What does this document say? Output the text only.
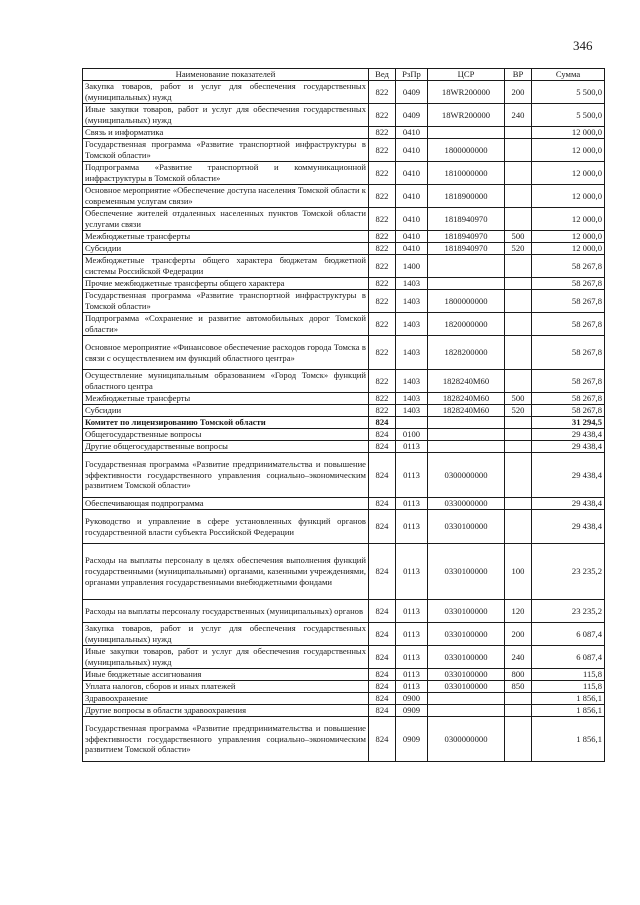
346
Наименование показателей	Вед	РзПр	ЦСР	ВР	Сумма
Закупка товаров, работ и услуг для обеспечения государственных (муниципальных) нужд	822	0409	18WR200000	200	5 500,0
Иные закупки товаров, работ и услуг для обеспечения государственных (муниципальных) нужд	822	0409	18WR200000	240	5 500,0
Связь и информатика	822	0410			12 000,0
Государственная программа «Развитие транспортной инфраструктуры в Томской области»	822	0410	1800000000		12 000,0
Подпрограмма «Развитие транспортной и коммуникационной инфраструктуры в Томской области»	822	0410	1810000000		12 000,0
Основное мероприятие «Обеспечение доступа населения Томской области к современным услугам связи»	822	0410	1818900000		12 000,0
Обеспечение жителей отдаленных населенных пунктов Томской области услугами связи	822	0410	1818940970		12 000,0
Межбюджетные трансферты	822	0410	1818940970	500	12 000,0
Субсидии	822	0410	1818940970	520	12 000,0
Межбюджетные трансферты общего характера бюджетам бюджетной системы Российской Федерации	822	1400			58 267,8
Прочие межбюджетные трансферты общего характера	822	1403			58 267,8
Государственная программа «Развитие транспортной инфраструктуры в Томской области»	822	1403	1800000000		58 267,8
Подпрограмма «Сохранение и развитие автомобильных дорог Томской области»	822	1403	1820000000		58 267,8
Основное мероприятие «Финансовое обеспечение расходов города Томска в связи с осуществлением им функций областного центра»	822	1403	1828200000		58 267,8
Осуществление муниципальным образованием «Город Томск» функций областного центра	822	1403	1828240M60		58 267,8
Межбюджетные трансферты	822	1403	1828240M60	500	58 267,8
Субсидии	822	1403	1828240M60	520	58 267,8
Комитет по лицензированию Томской области	824				31 294,5
Общегосударственные вопросы	824	0100			29 438,4
Другие общегосударственные вопросы	824	0113			29 438,4
Государственная программа «Развитие предпринимательства и повышение эффективности государственного управления социально–экономическим развитием Томской области»	824	0113	0300000000		29 438,4
Обеспечивающая подпрограмма	824	0113	0330000000		29 438,4
Руководство и управление в сфере установленных функций органов государственной власти субъекта Российской Федерации	824	0113	0330100000		29 438,4
Расходы на выплаты персоналу в целях обеспечения выполнения функций государственными (муниципальными) органами, казенными учреждениями, органами управления государственными внебюджетными фондами	824	0113	0330100000	100	23 235,2
Расходы на выплаты персоналу государственных (муниципальных) органов	824	0113	0330100000	120	23 235,2
Закупка товаров, работ и услуг для обеспечения государственных (муниципальных) нужд	824	0113	0330100000	200	6 087,4
Иные закупки товаров, работ и услуг для обеспечения государственных (муниципальных) нужд	824	0113	0330100000	240	6 087,4
Иные бюджетные ассигнования	824	0113	0330100000	800	115,8
Уплата налогов, сборов и иных платежей	824	0113	0330100000	850	115,8
Здравоохранение	824	0900			1 856,1
Другие вопросы в области здравоохранения	824	0909			1 856,1
Государственная программа «Развитие предпринимательства и повышение эффективности государственного управления социально–экономическим развитием Томской области»	824	0909	0300000000		1 856,1
